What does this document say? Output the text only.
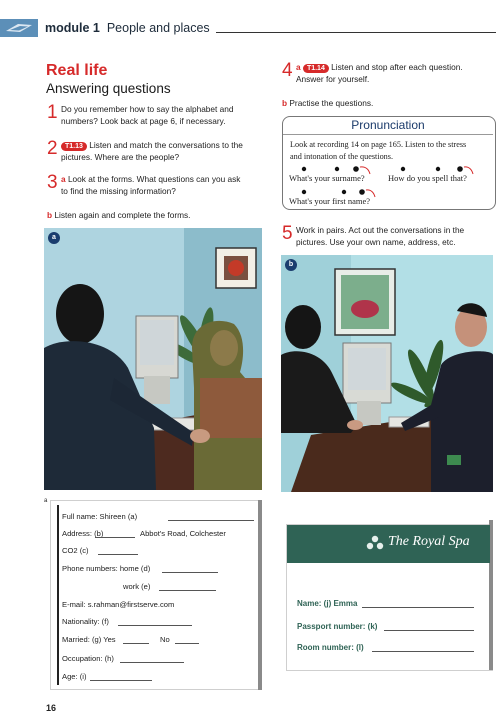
module 1 People and places
Real life
Answering questions
1 Do you remember how to say the alphabet and
numbers? Look back at page 6, if necessary.
2	T1.13 Listen and match the conversations to the
pictures. Where are the people?
3 a Look at the forms. What questions can you ask
to find the missing information?
b Listen again and complete the forms.
a
4 a T1.14 Listen and stop after each question.
Answer for yourself.
b Practise the questions.
Pronunciation
Look at recording 14 on page 165. Listen to the stress
and intonation of the questions.
What's your surname?	How do you spell that?
What's your first name?
5 Work in pairs. Act out the conversations in the
pictures. Use your own name, address, etc.
b
a
Full name: Shireen (a)
Address: (b)	Abbot's Road, Colchester
CO2 (c)
Phone numbers: home (d)
work (e)
E-mail: s.rahman@firstserve.com
Nationality: (f)
Married: (g) Yes	No
Occupation: (h)
Age: (i)
The Royal Spa
Name: (j) Emma
Passport number: (k)
Room number: (l)
16
